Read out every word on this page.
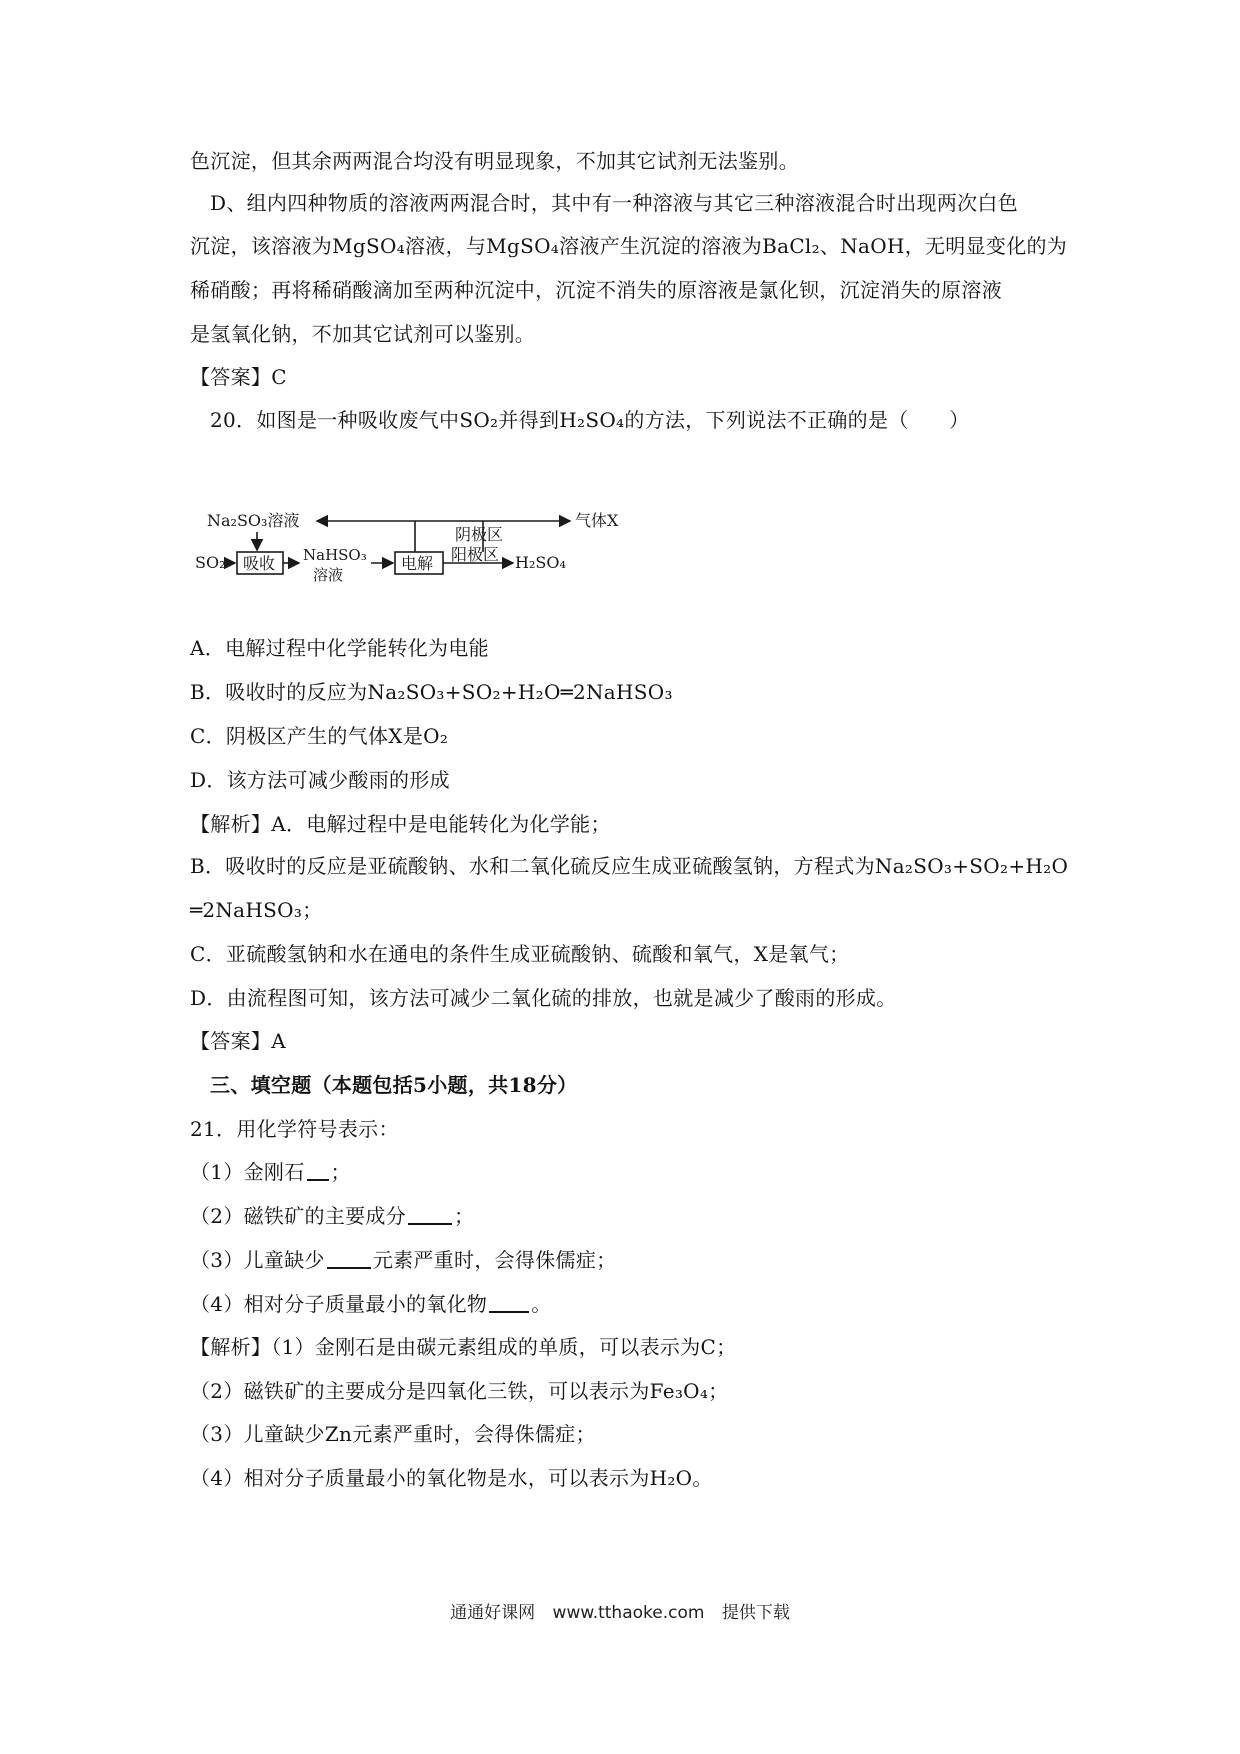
色沉淀，但其余两两混合均没有明显现象，不加其它试剂无法鉴别。
D、组内四种物质的溶液两两混合时，其中有一种溶液与其它三种溶液混合时出现两次白色
沉淀，该溶液为MgSO₄溶液，与MgSO₄溶液产生沉淀的溶液为BaCl₂、NaOH，无明显变化的为
稀硝酸；再将稀硝酸滴加至两种沉淀中，沉淀不消失的原溶液是氯化钡，沉淀消失的原溶液
是氢氧化钠，不加其它试剂可以鉴别。
【答案】C
20．如图是一种吸收废气中SO₂并得到H₂SO₄的方法，下列说法不正确的是（　　）
Na₂SO₃溶液
阴极区
气体X
SO₂ 吸收 NaHSO₃
溶液
电解 阳极区 H₂SO₄
A．电解过程中化学能转化为电能
B．吸收时的反应为Na₂SO₃+SO₂+H₂O═2NaHSO₃
C．阴极区产生的气体X是O₂
D．该方法可减少酸雨的形成
【解析】A．电解过程中是电能转化为化学能；
B．吸收时的反应是亚硫酸钠、水和二氧化硫反应生成亚硫酸氢钠，方程式为Na₂SO₃+SO₂+H₂O
═2NaHSO₃；
C．亚硫酸氢钠和水在通电的条件生成亚硫酸钠、硫酸和氧气，X是氧气；
D．由流程图可知，该方法可减少二氧化硫的排放，也就是减少了酸雨的形成。
【答案】A
三、填空题（本题包括5小题，共18分）
21．用化学符号表示：
（1）金刚石 ；
（2）磁铁矿的主要成分 ；
（3）儿童缺少 元素严重时，会得侏儒症；
（4）相对分子质量最小的氧化物 。
【解析】（1）金刚石是由碳元素组成的单质，可以表示为C；
（2）磁铁矿的主要成分是四氧化三铁，可以表示为Fe₃O₄；
（3）儿童缺少Zn元素严重时，会得侏儒症；
（4）相对分子质量最小的氧化物是水，可以表示为H₂O。
通通好课网 www.tthaoke.com 提供下载
